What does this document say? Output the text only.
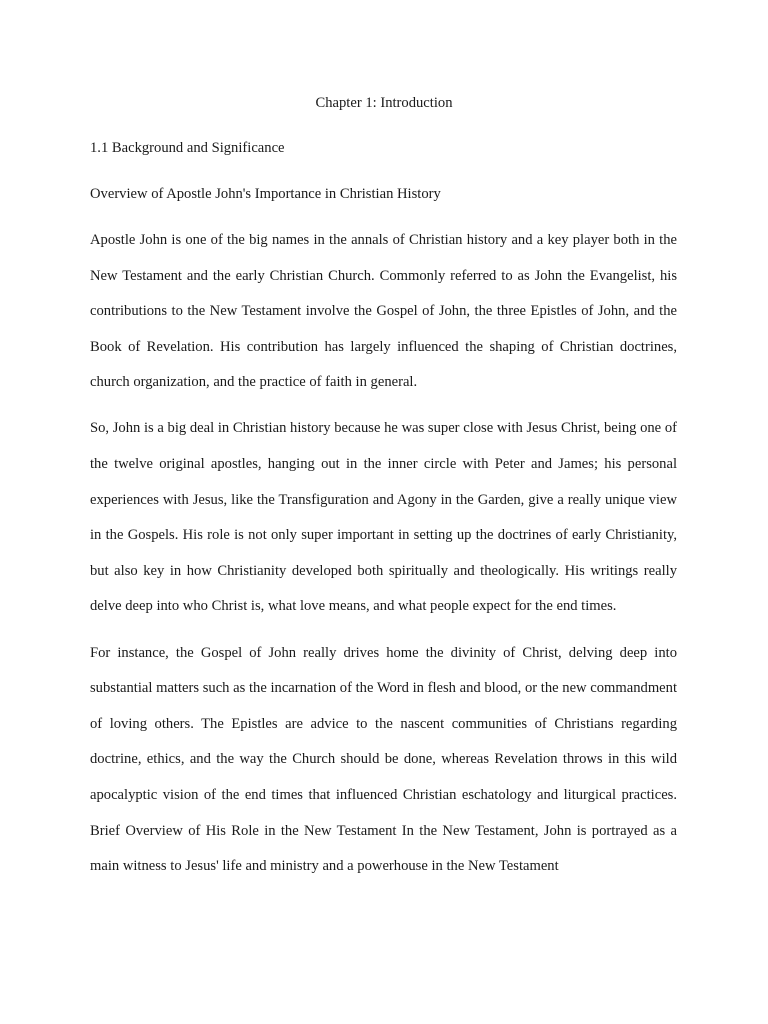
Chapter 1: Introduction
1.1 Background and Significance
Overview of Apostle John's Importance in Christian History

Apostle John is one of the big names in the annals of Christian history and a key player both in the New Testament and the early Christian Church. Commonly referred to as John the Evangelist, his contributions to the New Testament involve the Gospel of John, the three Epistles of John, and the Book of Revelation. His contribution has largely influenced the shaping of Christian doctrines, church organization, and the practice of faith in general.

So, John is a big deal in Christian history because he was super close with Jesus Christ, being one of the twelve original apostles, hanging out in the inner circle with Peter and James; his personal experiences with Jesus, like the Transfiguration and Agony in the Garden, give a really unique view in the Gospels. His role is not only super important in setting up the doctrines of early Christianity, but also key in how Christianity developed both spiritually and theologically. His writings really delve deep into who Christ is, what love means, and what people expect for the end times.

For instance, the Gospel of John really drives home the divinity of Christ, delving deep into substantial matters such as the incarnation of the Word in flesh and blood, or the new commandment of loving others. The Epistles are advice to the nascent communities of Christians regarding doctrine, ethics, and the way the Church should be done, whereas Revelation throws in this wild apocalyptic vision of the end times that influenced Christian eschatology and liturgical practices. Brief Overview of His Role in the New Testament In the New Testament, John is portrayed as a main witness to Jesus' life and ministry and a powerhouse in the New Testament
